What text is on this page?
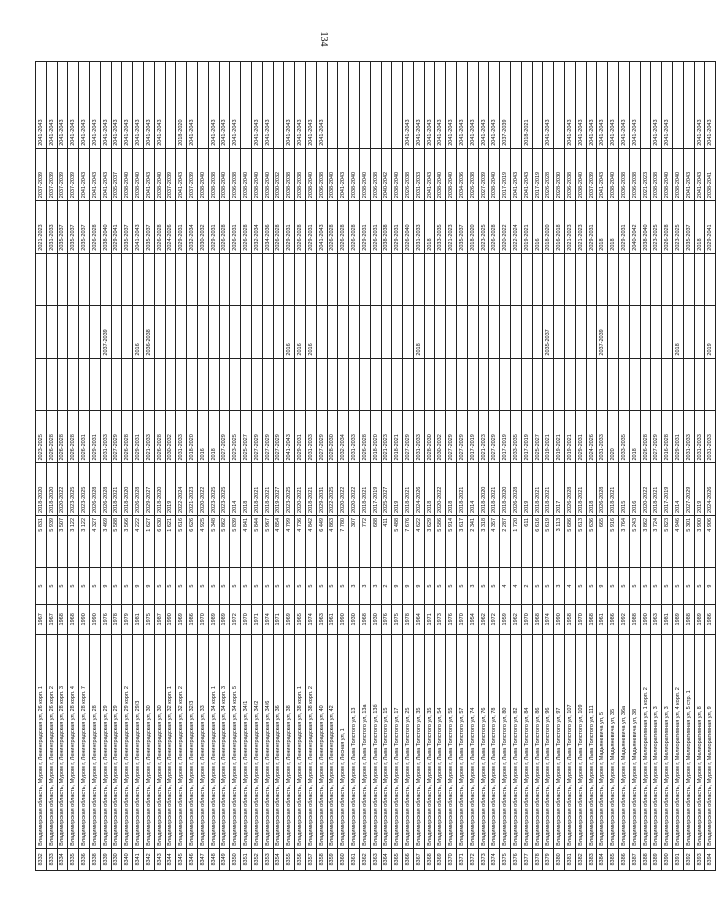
134
8332	Владимирская область, Муром г, Ленинградская ул, 26 корп. 1	1967	5	5 831	2018-2020	2023-2025				2021-2023	2037-2039	2041-2043
8333	Владимирская область, Муром г, Ленинградская ул, 26 корп. 2	1967	5	5 939	2018-2020	2026-2028				2031-2033	2037-2039	2041-2043
8334	Владимирская область, Муром г, Ленинградская ул, 28 корп. 3	1968	5	3 507	2020-2022	2026-2028				2035-2037	2037-2039	2041-2043
8335	Владимирская область, Муром г, Ленинградская ул, 28 корп. 4	1968	5	3 122	2023-2025	2026-2028				2035-2037	2037-2039	2041-2043
8336	Владимирская область, Муром г, Ленинградская ул, 28 корп. 7	1990	5	3 122	2023-2025	2026-2031				2035-2037	2041-2043	2041-2043
8338	Владимирская область, Муром г, Ленинградская ул, 28	1990	5	4 327	2026-2028	2029-2031				2026-2028	2041-2043	2041-2043
8339	Владимирская область, Муром г, Ленинградская ул, 29	1976	9	3 469	2026-2028	2031-2033		2037-2039		2038-2040	2041-2043	2041-2043
8330	Владимирская область, Муром г, Ленинградская ул, 29	1978	5	5 588	2018-2021	2027-2029				2029-2041	2035-2037	2041-2043
8340	Владимирская область, Муром г, Ленинградская ул, 29 корп. 2	1979	5	3 566	2018-2020	2026-2028				2035-2037	2038-2040	2041-2043
8341	Владимирская область, Муром г, Ленинградская ул, 29/3	1981	9	4 222	2026-2028	2029-2031		2016		2041-2043	2038-2040	2041-2043
8342	Владимирская область, Муром г, Ленинградская ул, 30	1975	9	1 627	2029-2027	2021-2033		2036-2038		2035-2037	2041-2043	2041-2043
8343	Владимирская область, Муром г, Ленинградская ул, 30	1987	5	6 630	2018-2020	2026-2028				2026-2028	2038-2040	2041-2043
8344	Владимирская область, Муром г, Ленинградская ул, 32 корп. 1	1990	5	1 621	2019	2030-2032				2024-2026	2037-2039	
8345	Владимирская область, Муром г, Ленинградская ул, 32 корп. 2	1969	5	5 616	2022-2024	2031-2033				2029-2031	2041-2043	2018-2020
8346	Владимирская область, Муром г, Ленинградская ул, 32/3	1986	5	6 626	2021-2023	2018-2020				2032-2034	2037-2039	2041-2043
8347	Владимирская область, Муром г, Ленинградская ул, 33	1970	5	4 925	2020-2022	2016				2030-2032	2038-2040	
8348	Владимирская область, Муром г, Ленинградская ул, 34 корп. 1	1989	5	5 348	2023-2025	2018				2029-2031	2038-2038	2041-2043
8349	Владимирская область, Муром г, Ленинградская ул, 34 корп. 3	1989	5	5 862	2023-2025	2027-2029				2026-2028	2038-2040	2041-2043
8350	Владимирская область, Муром г, Ленинградская ул, 34 корп. 5	1972	5	5 839	2014	2023-2025				2026-2031	2036-2038	2041-2043
8351	Владимирская область, Муром г, Ленинградская ул, 34/1	1970	5	4 841	2018	2025-2027				2026-2028	2038-2040	
8352	Владимирская область, Муром г, Ленинградская ул, 34/2	1971	5	5 844	2018-2021	2027-2029				2032-2034	2038-2040	2041-2043
8353	Владимирская область, Муром г, Ленинградская ул, 34/6	1974	5	5 967	2018-2021	2027-2029				2034-2036	2038-2040	2041-2043
8354	Владимирская область, Муром г, Ленинградская ул, 36	1971	5	4 854	2019-2027	2027-2029				2026-2028	2030-2032	
8355	Владимирская область, Муром г, Ленинградская ул, 38	1969	5	4 799	2023-2025	2041-2043		2016		2029-2031	2038-2038	2041-2043
8356	Владимирская область, Муром г, Ленинградская ул, 38 корп. 1	1965	5	4 736	2020-2021	2029-2031		2016		2026-2028	2038-2038	2041-2043
8357	Владимирская область, Муром г, Ленинградская ул, 38 корп. 2	1974	5	4 842	2018-2021	2031-2033		2016		2029-2031	2038-2040	2041-2043
8358	Владимирская область, Муром г, Ленинградская ул, 40	1963	5	6 449	2029-2031	2027-2029				2041-2043	2036-2038	2041-2043
8359	Владимирская область, Муром г, Ленинградская ул, 42	1961	5	4 863	2022-2025	2028-2030				2026-2028	2038-2040	
8360	Владимирская область, Муром г, Лесная ул, 1	1990	5	7 780	2020-2022	2032-2034				2026-2028	2041-2043	
8361	Владимирская область, Муром г, Льва Толстого ул, 13	1930	3	307	2020-2022	2031-2033				2026-2028	2038-2040	
8362	Владимирская область, Муром г, Льва Толстого ул, 13а	1968	3	772	2018-2021	2026-2028				2029-2031	2038-2040	
8363	Владимирская область, Муром г, Льва Толстого ул, 13б	1930	3	688	2017-2019	2018-2020				2026-2031	2036-2038	
8364	Владимирская область, Муром г, Льва Толстого ул, 15	1976	2	411	2025-2027	2021-2023				2038-2038	2040-2042	
8365	Владимирская область, Муром г, Льва Толстого ул, 17	1975	9	5 488	2019	2018-2021				2029-2031	2038-2040	
8366	Владимирская область, Муром г, Льва Толстого ул, 25	1978	9	7 676	2018-2021	2027-2029				2026-2040	2026-2038	2041-2043
8367	Владимирская область, Муром г, Льва Толстого ул, 35	1964	9	4 622	2024-2026	2031-2033		2018		2031-2033	2031-2033	2041-2043
8368	Владимирская область, Муром г, Льва Толстого ул, 35	1971	5	3 629	2018	2028-2030				2018	2041-2043	2041-2043
8369	Владимирская область, Муром г, Льва Толстого ул, 54	1973	5	5 586	2020-2022	2030-2032				2033-2035	2038-2040	2041-2043
8370	Владимирская область, Муром г, Льва Толстого ул, 55	1976	5	5 914	2018	2027-2029				2021-2023	2038-2040	2041-2043
8371	Владимирская область, Муром г, Льва Толстого ул, 57	1970	5	3 617	2018-2021	2027-2029				2035-2037	2034-2036	2041-2043
8372	Владимирская область, Муром г, Льва Толстого ул, 74	1954	3	2 341	2014	2017-2019				2018-2020	2026-2038	2041-2043
8373	Владимирская область, Муром г, Льва Толстого ул, 76	1962	5	3 318	2018-2020	2021-2023				2023-2025	2027-2039	2041-2043
8374	Владимирская область, Муром г, Льва Толстого ул, 78	1972	5	4 357	2018-2021	2027-2029				2026-2028	2038-2040	2041-2043
8375	Владимирская область, Муром г, Льва Толстого ул, 80	1959	4	2 287	2018-2020	2017-2019				2020-2022	2017-2019	2037-2039
8376	Владимирская область, Муром г, Льва Толстого ул, 82	1962	4	1 720	2026-2028	2033-2035				2022-2024	2041-2043	
8377	Владимирская область, Муром г, Льва Толстого ул, 84	1970	2	611	2019	2017-2019				2019-2021	2041-2043	2018-2021
8378	Владимирская область, Муром г, Льва Толстого ул, 86	1968	5	6 616	2018-2021	2025-2027				2016	2017-2019	
8379	Владимирская область, Муром г, Льва Толстого ул, 96	1974	5	5 619	2018-2021	2019-2021		2035-2037		2018-2020	2026-2028	2041-2043
8380	Владимирская область, Муром г, Льва Толстого ул, 97	1990	3	3 113	2017	2019-2021				2016-2018	2028-2030	
8381	Владимирская область, Муром г, Льва Толстого ул, 107	1958	4	5 686	2026-2028	2019-2021				2021-2023	2036-2038	2041-2043
8382	Владимирская область, Муром г, Льва Толстого ул, 109	1970	5	5 613	2018-2021	2029-2031				2021-2023	2038-2040	2041-2043
8383	Владимирская область, Муром г, Льва Толстого ул, 111	1968	5	5 636	2018	2024-2026				2029-2031	2037-2039	2041-2043
8384	Владимирская область, Муром г, Мадьяневича ул, 5	1961	9	665	2026-2028	2031-2033		2037-2039		2018	2041-2043	2041-2043
8385	Владимирская область, Муром г, Мадьяневича ул, 35	1986	5	5 916	2018-2021	2020				2018	2038-2040	2041-2043
8386	Владимирская область, Муром г, Мадьяневича ул, 36а	1992	5	3 764	2015	2033-2035				2029-2031	2036-2038	2041-2043
8387	Владимирская область, Муром г, Мадьяневича ул, 38	1988	5	5 243	2016	2018				2040-2042	2036-2038	2041-2043
8388	Владимирская область, Муром г, Мелиоративная ул, 1 корп. 2	1990	5	3 862	2020-2022	2026-2028				2038-2040	2021-2023	
8389	Владимирская область, Муром г, Мелиоративная ул, 3	1963	5	3 724	2018-2021	2027-2029				2023-2025	2038-2038	2041-2043
8390	Владимирская область, Муром г, Мелиоративная ул, 3	1981	5	5 823	2017-2019	2016-2028				2026-2028	2038-2040	2041-2043
8391	Владимирская область, Муром г, Мелиоративная ул, 4 корп. 2	1989	5	4 946	2014	2029-2031		2018		2023-2025	2038-2040	
8392	Владимирская область, Муром г, Мелиоративная ул, 5 стр. 1	1988	5	5 301	2027-2029	2031-2033				2035-2037	2041-2043	
8393	Владимирская область, Муром г, Мелиоративная ул, 8	1989	5	3 900	2019	2031-2033				2018	2041-2043	2041-2043
8394	Владимирская область, Муром г, Мелиоративная ул, 9	1986	9	4 906	2024-2026	2031-2033		2019		2029-2041	2038-2041	2041-2043
